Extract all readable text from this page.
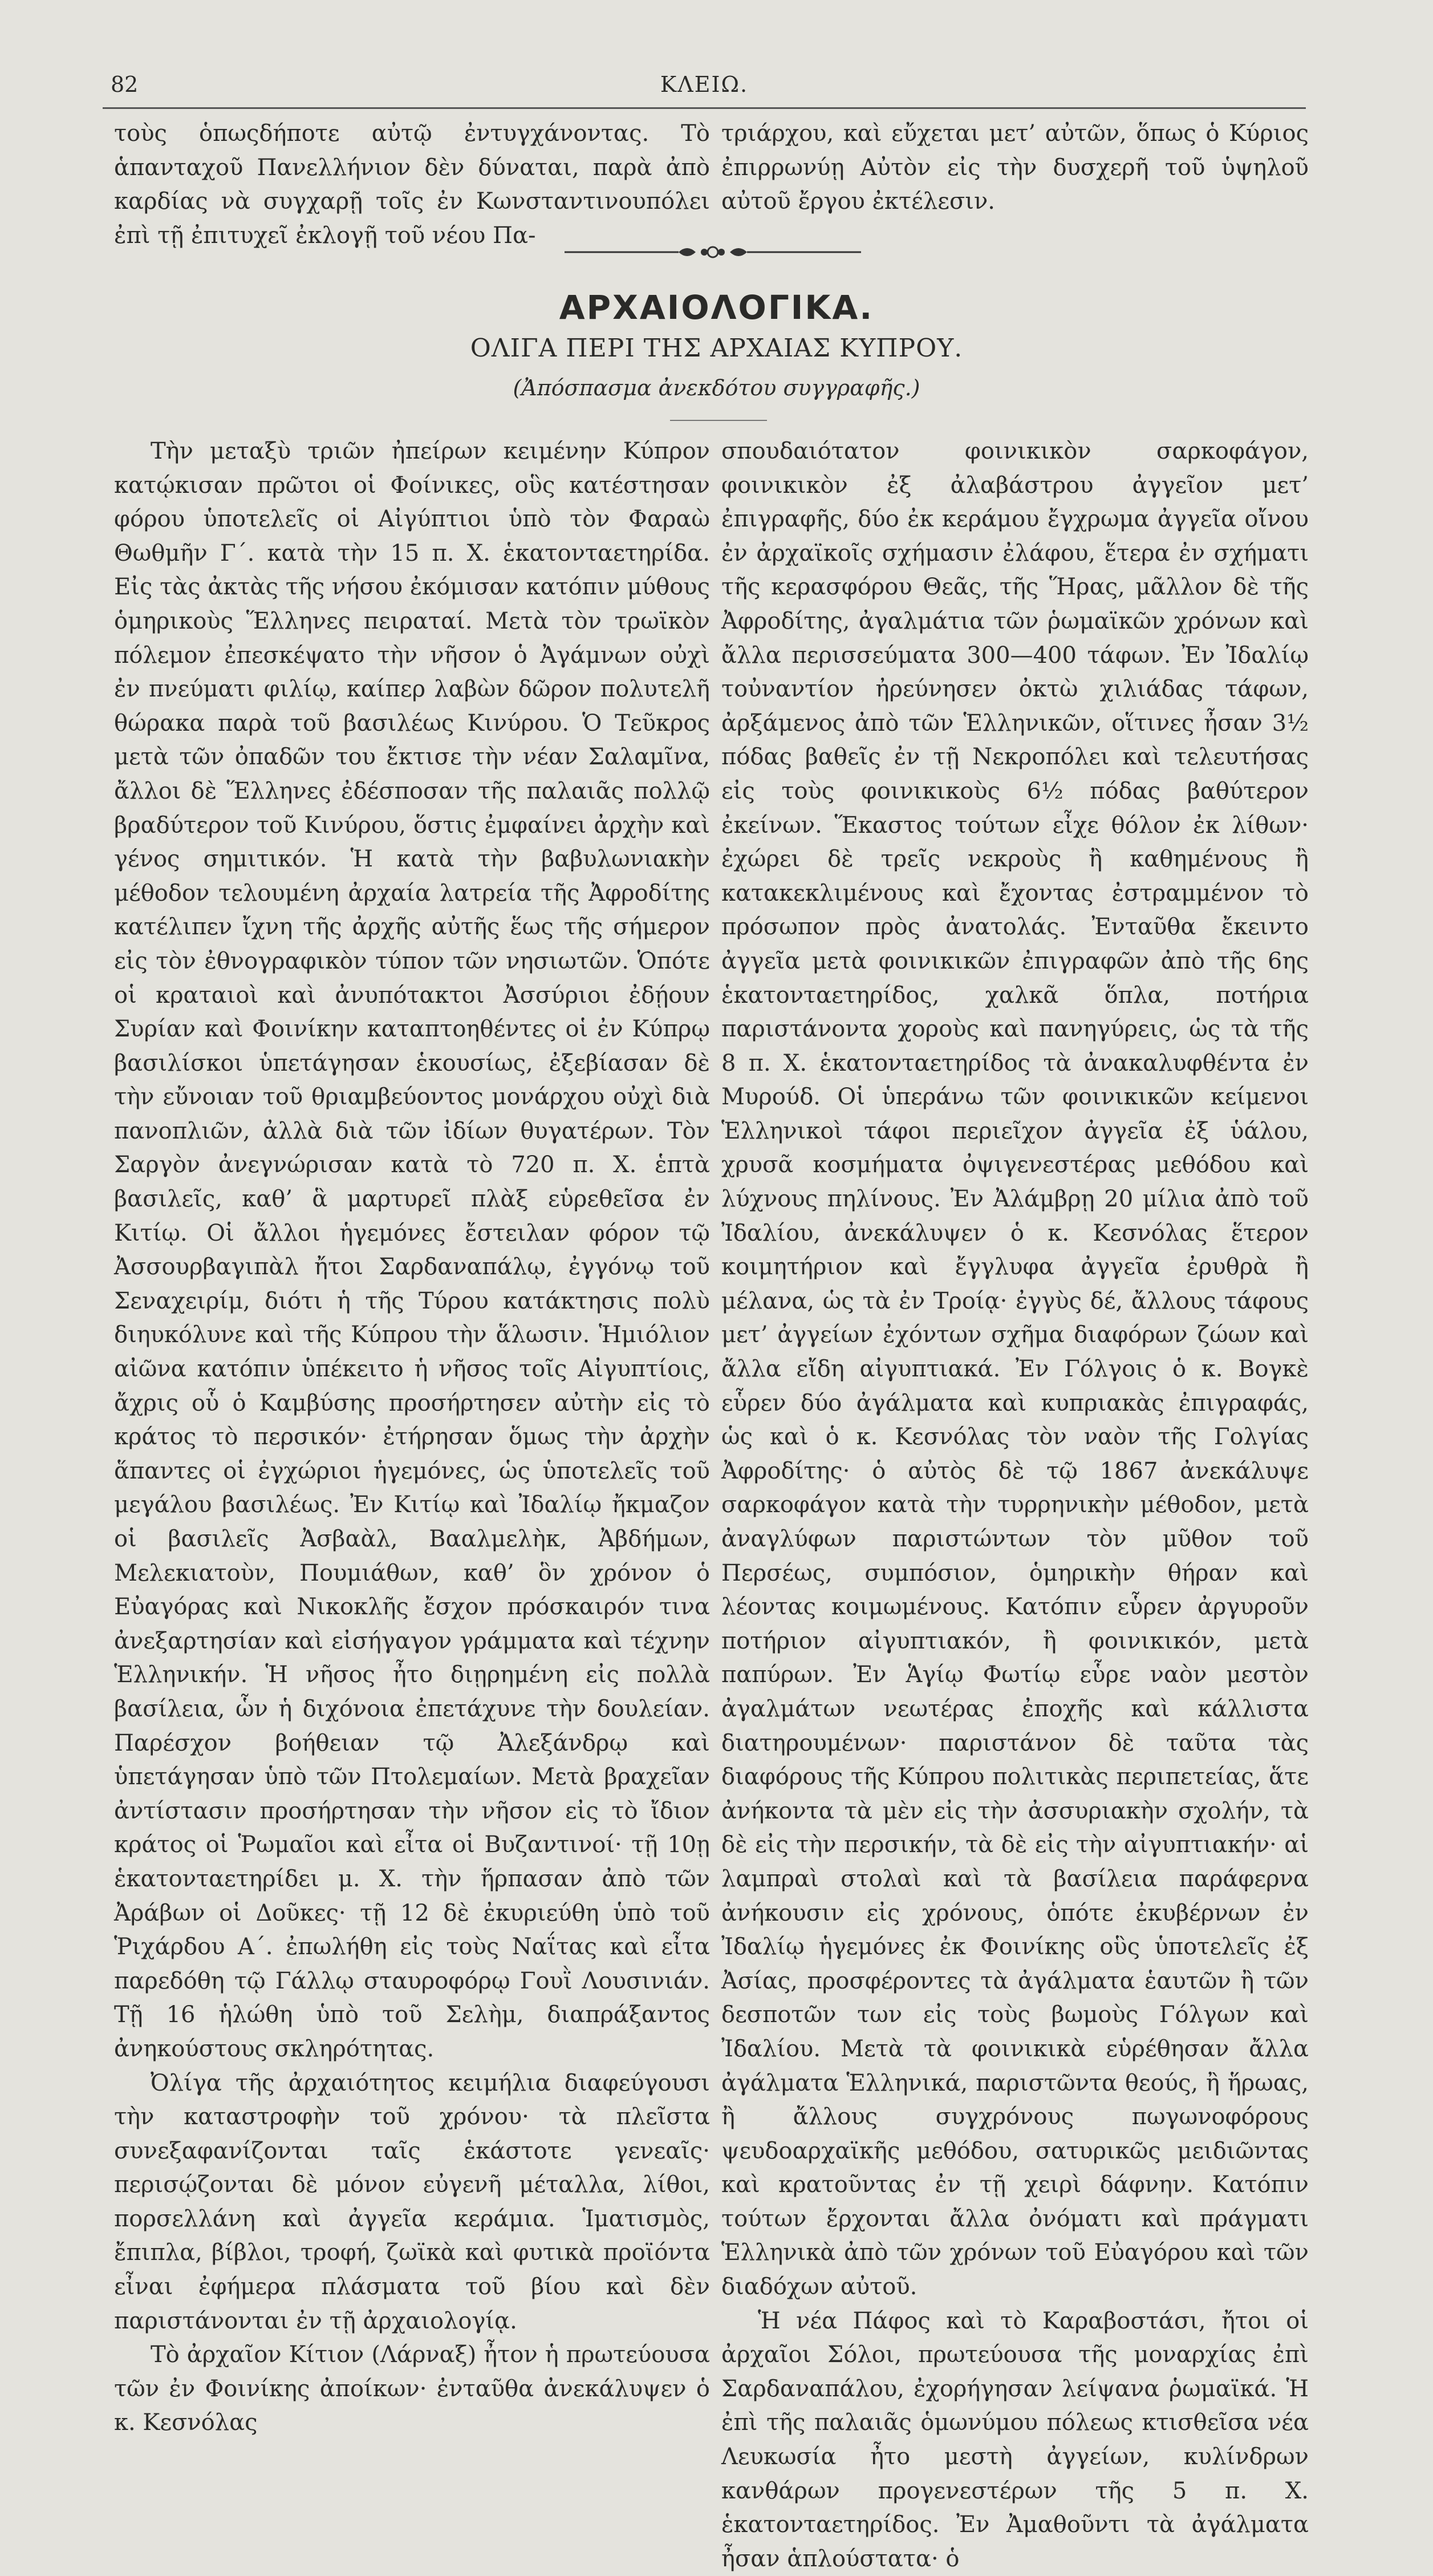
82	ΚΛΕΙΩ.

τοὺς ὁπωςδήποτε αὐτῷ ἐντυγχάνοντας. Τὸ ἁπανταχοῦ Πανελλήνιον δὲν δύναται, παρὰ ἀπὸ καρδίας νὰ συγχαρῇ τοῖς ἐν Κωνσταντινουπόλει ἐπὶ τῇ ἐπιτυχεῖ ἐκλογῇ τοῦ νέου Πα-

τριάρχου, καὶ εὔχεται μετ’ αὐτῶν, ὅπως ὁ Κύριος ἐπιρρωνύῃ Αὐτὸν εἰς τὴν δυσχερῆ τοῦ ὑψηλοῦ αὐτοῦ ἔργου ἐκτέλεσιν.

ΑΡΧΑΙΟΛΟΓΙΚΑ.
ΟΛΙΓΑ ΠΕΡΙ ΤΗΣ ΑΡΧΑΙΑΣ ΚΥΠΡΟΥ.
(Ἀπόσπασμα ἀνεκδότου συγγραφῆς.)

Τὴν μεταξὺ τριῶν ἠπείρων κειμένην Κύπρον κατῴκισαν πρῶτοι οἱ Φοίνικες, οὓς κατέστησαν φόρου ὑποτελεῖς οἱ Αἰγύπτιοι ὑπὸ τὸν Φαραὼ Θωθμῆν Γ΄. κατὰ τὴν 15 π. Χ. ἑκατονταετηρίδα. Εἰς τὰς ἀκτὰς τῆς νήσου ἐκόμισαν κατόπιν μύθους ὁμηρικοὺς Ἕλληνες πειραταί. Μετὰ τὸν τρωϊκὸν πόλεμον ἐπεσκέψατο τὴν νῆσον ὁ Ἀγάμνων οὐχὶ ἐν πνεύματι φιλίῳ, καίπερ λαβὼν δῶρον πολυτελῆ θώρακα παρὰ τοῦ βασιλέως Κινύρου. Ὁ Τεῦκρος μετὰ τῶν ὀπαδῶν του ἔκτισε τὴν νέαν Σαλαμῖνα, ἄλλοι δὲ Ἕλληνες ἐδέσποσαν τῆς παλαιᾶς πολλῷ βραδύτερον τοῦ Κινύρου, ὅστις ἐμφαίνει ἀρχὴν καὶ γένος σημιτικόν. Ἡ κατὰ τὴν βαβυλωνιακὴν μέθοδον τελουμένη ἀρχαία λατρεία τῆς Ἀφροδίτης κατέλιπεν ἴχνη τῆς ἀρχῆς αὐτῆς ἕως τῆς σήμερον εἰς τὸν ἐθνογραφικὸν τύπον τῶν νησιωτῶν. Ὁπότε οἱ κραταιοὶ καὶ ἀνυπότακτοι Ἀσσύριοι ἐδῄουν Συρίαν καὶ Φοινίκην καταπτοηθέντες οἱ ἐν Κύπρῳ βασιλίσκοι ὑπετάγησαν ἑκουσίως, ἐξεβίασαν δὲ τὴν εὔνοιαν τοῦ θριαμβεύοντος μονάρχου οὐχὶ διὰ πανοπλιῶν, ἀλλὰ διὰ τῶν ἰδίων θυγατέρων. Τὸν Σαργὸν ἀνεγνώρισαν κατὰ τὸ 720 π. Χ. ἑπτὰ βασιλεῖς, καθ’ ἃ μαρτυρεῖ πλὰξ εὑρεθεῖσα ἐν Κιτίῳ. Οἱ ἄλλοι ἡγεμόνες ἔστειλαν φόρον τῷ Ἀσσουρβαγιπὰλ ἤτοι Σαρδαναπάλῳ, ἐγγόνῳ τοῦ Σεναχειρίμ, διότι ἡ τῆς Τύρου κατάκτησις πολὺ διηυκόλυνε καὶ τῆς Κύπρου τὴν ἅλωσιν. Ἡμιόλιον αἰῶνα κατόπιν ὑπέκειτο ἡ νῆσος τοῖς Αἰγυπτίοις, ἄχρις οὗ ὁ Καμβύσης προσήρτησεν αὐτὴν εἰς τὸ κράτος τὸ περσικόν· ἐτήρησαν ὅμως τὴν ἀρχὴν ἅπαντες οἱ ἐγχώριοι ἡγεμόνες, ὡς ὑποτελεῖς τοῦ μεγάλου βασιλέως. Ἐν Κιτίῳ καὶ Ἰδαλίῳ ἤκμαζον οἱ βασιλεῖς Ἀσβαὰλ, Βααλμελὴκ, Ἀβδήμων, Μελεκιατοὺν, Πουμιάθων, καθ’ ὃν χρόνον ὁ Εὐαγόρας καὶ Νικοκλῆς ἔσχον πρόσκαιρόν τινα ἀνεξαρτησίαν καὶ εἰσήγαγον γράμματα καὶ τέχνην Ἑλληνικήν. Ἡ νῆσος ἦτο διῃρημένη εἰς πολλὰ βασίλεια, ὧν ἡ διχόνοια ἐπετάχυνε τὴν δουλείαν. Παρέσχον βοήθειαν τῷ Ἀλεξάνδρῳ καὶ ὑπετάγησαν ὑπὸ τῶν Πτολεμαίων. Μετὰ βραχεῖαν ἀντίστασιν προσήρτησαν τὴν νῆσον εἰς τὸ ἴδιον κράτος οἱ Ῥωμαῖοι καὶ εἶτα οἱ Βυζαντινοί· τῇ 10ῃ ἑκατονταετηρίδει μ. Χ. τὴν ἥρπασαν ἀπὸ τῶν Ἀράβων οἱ Δοῦκες· τῇ 12 δὲ ἐκυριεύθη ὑπὸ τοῦ Ῥιχάρδου Α΄. ἐπωλήθη εἰς τοὺς Ναΐτας καὶ εἶτα παρεδόθη τῷ Γάλλῳ σταυροφόρῳ Γουῒ Λουσινιάν. Τῇ 16 ἡλώθη ὑπὸ τοῦ Σελὴμ, διαπράξαντος ἀνηκούστους σκληρότητας.

Ὀλίγα τῆς ἀρχαιότητος κειμήλια διαφεύγουσι τὴν καταστροφὴν τοῦ χρόνου· τὰ πλεῖστα συνεξαφανίζονται ταῖς ἑκάστοτε γενεαῖς· περισῴζονται δὲ μόνον εὐγενῆ μέταλλα, λίθοι, πορσελλάνη καὶ ἀγγεῖα κεράμια. Ἱματισμὸς, ἔπιπλα, βίβλοι, τροφή, ζωϊκὰ καὶ φυτικὰ προϊόντα εἶναι ἐφήμερα πλάσματα τοῦ βίου καὶ δὲν παριστάνονται ἐν τῇ ἀρχαιολογίᾳ.

Τὸ ἀρχαῖον Κίτιον (Λάρναξ) ἦτον ἡ πρωτεύουσα τῶν ἐν Φοινίκης ἀποίκων· ἐνταῦθα ἀνεκάλυψεν ὁ κ. Κεσνόλας

σπουδαιότατον φοινικικὸν σαρκοφάγον, φοινικικὸν ἐξ ἀλαβάστρου ἀγγεῖον μετ’ ἐπιγραφῆς, δύο ἐκ κεράμου ἔγχρωμα ἀγγεῖα οἴνου ἐν ἀρχαϊκοῖς σχήμασιν ἐλάφου, ἕτερα ἐν σχήματι τῆς κερασφόρου Θεᾶς, τῆς Ἥρας, μᾶλλον δὲ τῆς Ἀφροδίτης, ἀγαλμάτια τῶν ῥωμαϊκῶν χρόνων καὶ ἄλλα περισσεύματα 300—400 τάφων. Ἐν Ἰδαλίῳ τοὐναντίον ἠρεύνησεν ὀκτὼ χιλιάδας τάφων, ἀρξάμενος ἀπὸ τῶν Ἑλληνικῶν, οἵτινες ἦσαν 3½ πόδας βαθεῖς ἐν τῇ Νεκροπόλει καὶ τελευτήσας εἰς τοὺς φοινικικοὺς 6½ πόδας βαθύτερον ἐκείνων. Ἕκαστος τούτων εἶχε θόλον ἐκ λίθων· ἐχώρει δὲ τρεῖς νεκροὺς ἢ καθημένους ἢ κατακεκλιμένους καὶ ἔχοντας ἐστραμμένον τὸ πρόσωπον πρὸς ἀνατολάς. Ἐνταῦθα ἔκειντο ἀγγεῖα μετὰ φοινικικῶν ἐπιγραφῶν ἀπὸ τῆς 6ης ἑκατονταετηρίδος, χαλκᾶ ὅπλα, ποτήρια παριστάνοντα χοροὺς καὶ πανηγύρεις, ὡς τὰ τῆς 8 π. Χ. ἑκατονταετηρίδος τὰ ἀνακαλυφθέντα ἐν Μυρούδ. Οἱ ὑπεράνω τῶν φοινικικῶν κείμενοι Ἑλληνικοὶ τάφοι περιεῖχον ἀγγεῖα ἐξ ὑάλου, χρυσᾶ κοσμήματα ὀψιγενεστέρας μεθόδου καὶ λύχνους πηλίνους. Ἐν Ἀλάμβρῃ 20 μίλια ἀπὸ τοῦ Ἰδαλίου, ἀνεκάλυψεν ὁ κ. Κεσνόλας ἕτερον κοιμητήριον καὶ ἔγγλυφα ἀγγεῖα ἐρυθρὰ ἢ μέλανα, ὡς τὰ ἐν Τροίᾳ· ἐγγὺς δέ, ἄλλους τάφους μετ’ ἀγγείων ἐχόντων σχῆμα διαφόρων ζώων καὶ ἄλλα εἴδη αἰγυπτιακά. Ἐν Γόλγοις ὁ κ. Βογκὲ εὗρεν δύο ἀγάλματα καὶ κυπριακὰς ἐπιγραφάς, ὡς καὶ ὁ κ. Κεσνόλας τὸν ναὸν τῆς Γολγίας Ἀφροδίτης· ὁ αὐτὸς δὲ τῷ 1867 ἀνεκάλυψε σαρκοφάγον κατὰ τὴν τυρρηνικὴν μέθοδον, μετὰ ἀναγλύφων παριστώντων τὸν μῦθον τοῦ Περσέως, συμπόσιον, ὁμηρικὴν θήραν καὶ λέοντας κοιμωμένους. Κατόπιν εὗρεν ἀργυροῦν ποτήριον αἰγυπτιακόν, ἢ φοινικικόν, μετὰ παπύρων. Ἐν Ἁγίῳ Φωτίῳ εὗρε ναὸν μεστὸν ἀγαλμάτων νεωτέρας ἐποχῆς καὶ κάλλιστα διατηρουμένων· παριστάνον δὲ ταῦτα τὰς διαφόρους τῆς Κύπρου πολιτικὰς περιπετείας, ἅτε ἀνήκοντα τὰ μὲν εἰς τὴν ἀσσυριακὴν σχολήν, τὰ δὲ εἰς τὴν περσικήν, τὰ δὲ εἰς τὴν αἰγυπτιακήν· αἱ λαμπραὶ στολαὶ καὶ τὰ βασίλεια παράφερνα ἀνήκουσιν εἰς χρόνους, ὁπότε ἐκυβέρνων ἐν Ἰδαλίῳ ἡγεμόνες ἐκ Φοινίκης οὓς ὑποτελεῖς ἐξ Ἀσίας, προσφέροντες τὰ ἀγάλματα ἑαυτῶν ἢ τῶν δεσποτῶν των εἰς τοὺς βωμοὺς Γόλγων καὶ Ἰδαλίου. Μετὰ τὰ φοινικικὰ εὑρέθησαν ἄλλα ἀγάλματα Ἑλληνικά, παριστῶντα θεούς, ἢ ἥρωας, ἢ ἄλλους συγχρόνους πωγωνοφόρους ψευδοαρχαϊκῆς μεθόδου, σατυρικῶς μειδιῶντας καὶ κρατοῦντας ἐν τῇ χειρὶ δάφνην. Κατόπιν τούτων ἔρχονται ἄλλα ὀνόματι καὶ πράγματι Ἑλληνικὰ ἀπὸ τῶν χρόνων τοῦ Εὐαγόρου καὶ τῶν διαδόχων αὐτοῦ.

Ἡ νέα Πάφος καὶ τὸ Καραβοστάσι, ἤτοι οἱ ἀρχαῖοι Σόλοι, πρωτεύουσα τῆς μοναρχίας ἐπὶ Σαρδαναπάλου, ἐχορήγησαν λείψανα ῥωμαϊκά. Ἡ ἐπὶ τῆς παλαιᾶς ὁμωνύμου πόλεως κτισθεῖσα νέα Λευκωσία ἦτο μεστὴ ἀγγείων, κυλίνδρων κανθάρων προγενεστέρων τῆς 5 π. Χ. ἑκατονταετηρίδος. Ἐν Ἀμαθοῦντι τὰ ἀγάλματα ἦσαν ἁπλούστατα· ὁ
